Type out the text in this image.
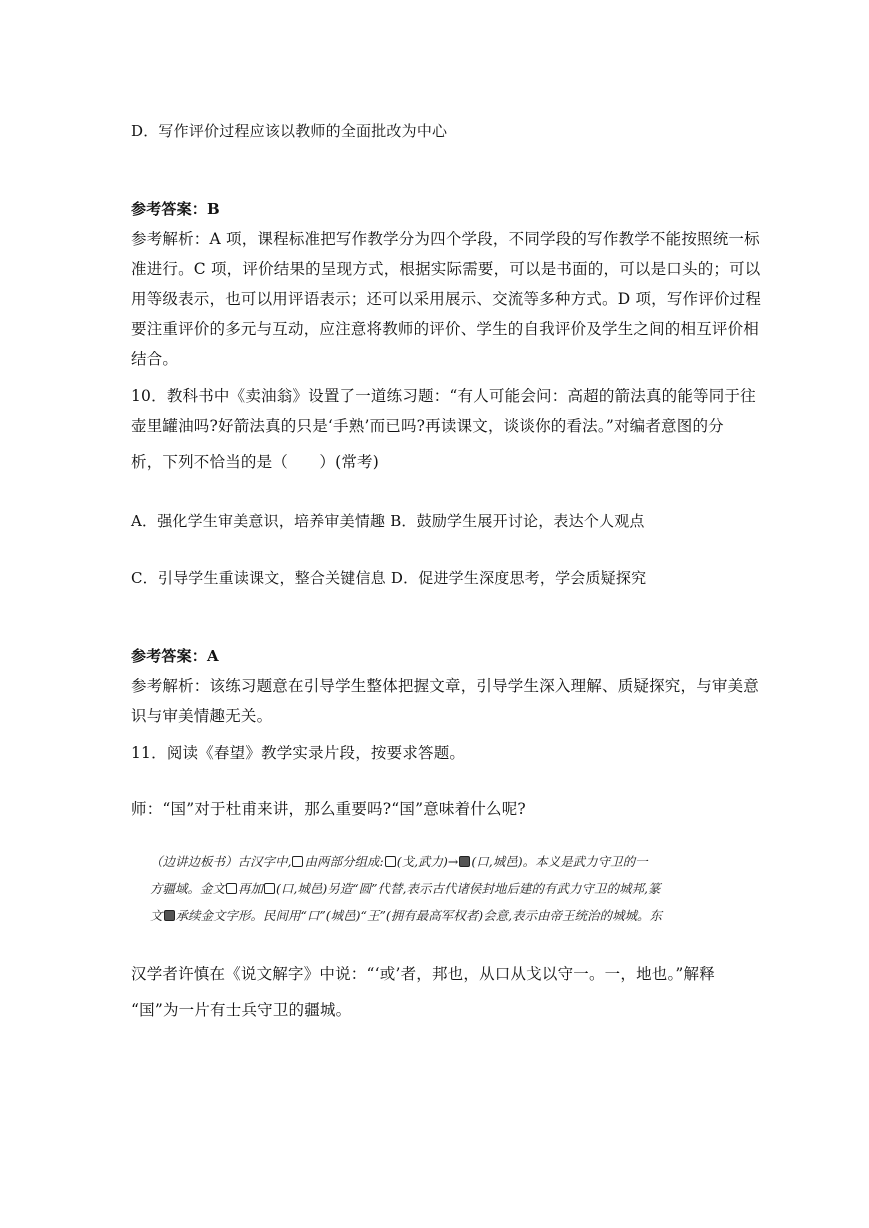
D．写作评价过程应该以教师的全面批改为中心
参考答案：B
参考解析：A 项，课程标准把写作教学分为四个学段，不同学段的写作教学不能按照统一标
准进行。C 项，评价结果的呈现方式，根据实际需要，可以是书面的，可以是口头的；可以
用等级表示，也可以用评语表示；还可以采用展示、交流等多种方式。D 项，写作评价过程
要注重评价的多元与互动，应注意将教师的评价、学生的自我评价及学生之间的相互评价相
结合。
10．教科书中《卖油翁》设置了一道练习题：“有人可能会问：高超的箭法真的能等同于往
壶里罐油吗?好箭法真的只是‘手熟’而已吗?再读课文，谈谈你的看法。”对编者意图的分
析，下列不恰当的是（　　）(常考)
A．强化学生审美意识，培养审美情趣 B．鼓励学生展开讨论，表达个人观点
C．引导学生重读课文，整合关键信息 D．促进学生深度思考，学会质疑探究
参考答案：A
参考解析：该练习题意在引导学生整体把握文章，引导学生深入理解、质疑探究，与审美意
识与审美情趣无关。
11．阅读《春望》教学实录片段，按要求答题。
师：“国”对于杜甫来讲，那么重要吗?“国”意味着什么呢?
（边讲边板书）古汉字中, 由两部分组成: (戈,武力)→ (口,城邑)。本义是武力守卫的一
方疆域。金文 再加 (口,城邑)另造“圆”代替,表示古代诸侯封地后建的有武力守卫的城邦,篆
文 承续金文字形。民间用“口”(城邑)“王”(拥有最高军权者)会意,表示由帝王统治的城城。东
汉学者许慎在《说文解字》中说：“‘或’者，邦也，从口从戈以守一。一，地也。”解释
“国”为一片有士兵守卫的疆城。
